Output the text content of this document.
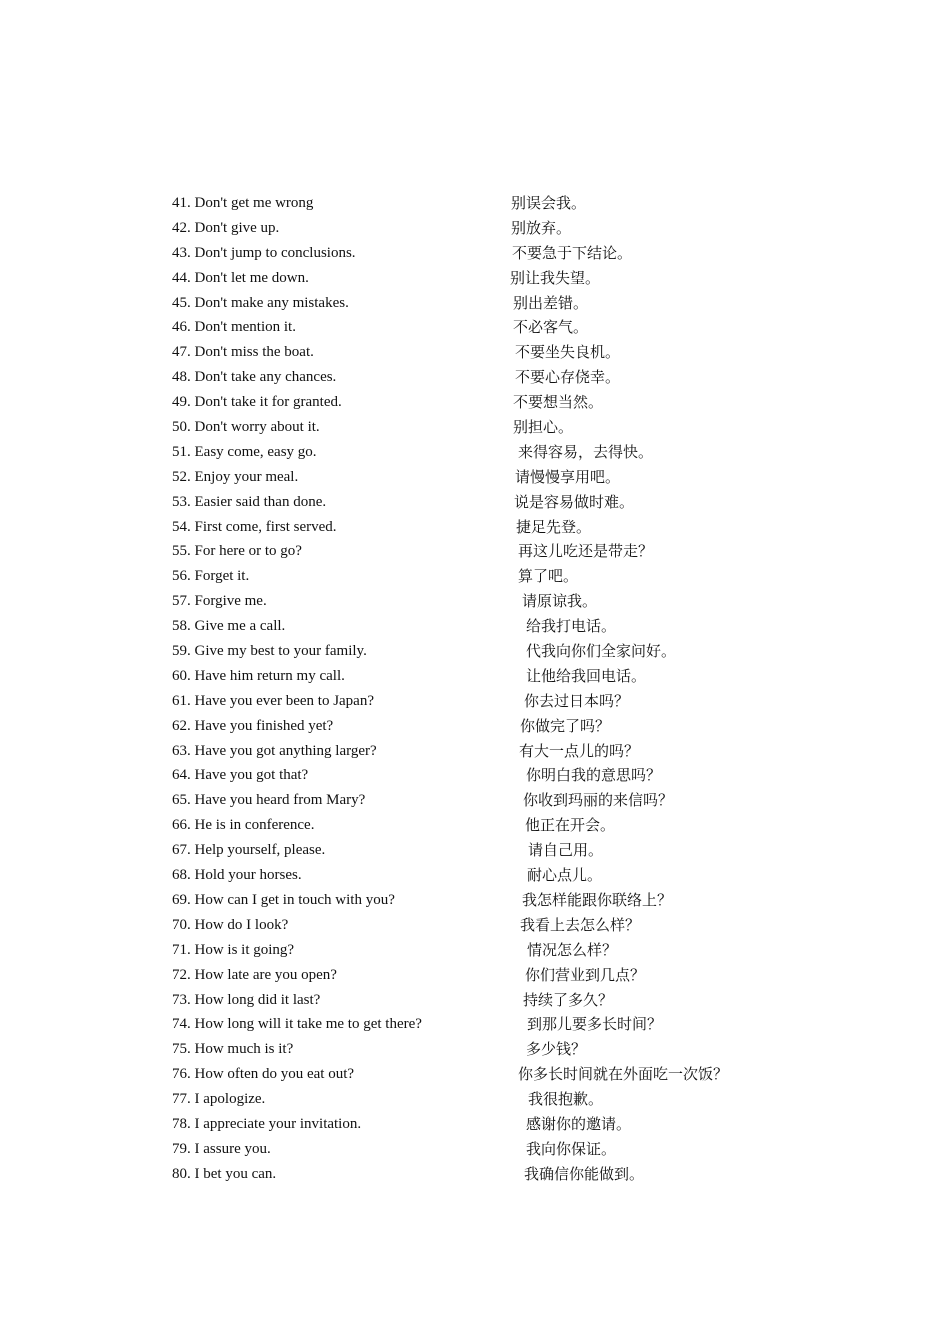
41. Don't get me wrong	别误会我。
42. Don't give up.	别放弃。
43. Don't jump to conclusions.	不要急于下结论。
44. Don't let me down.	别让我失望。
45. Don't make any mistakes.	别出差错。
46. Don't mention it.	不必客气。
47. Don't miss the boat.	不要坐失良机。
48. Don't take any chances.	不要心存侥幸。
49. Don't take it for granted.	不要想当然。
50. Don't worry about it.	别担心。
51. Easy come, easy go.	来得容易，去得快。
52. Enjoy your meal.	请慢慢享用吧。
53. Easier said than done.	说是容易做时难。
54. First come, first served.	捷足先登。
55. For here or to go?	再这儿吃还是带走？
56. Forget it.	算了吧。
57. Forgive me.	请原谅我。
58. Give me a call.	给我打电话。
59. Give my best to your family.	代我向你们全家问好。
60. Have him return my call.	让他给我回电话。
61. Have you ever been to Japan?	你去过日本吗？
62. Have you finished yet?	你做完了吗？
63. Have you got anything larger?	有大一点儿的吗？
64. Have you got that?	你明白我的意思吗？
65. Have you heard from Mary?	你收到玛丽的来信吗？
66. He is in conference.	他正在开会。
67. Help yourself, please.	请自己用。
68. Hold your horses.	耐心点儿。
69. How can I get in touch with you?	我怎样能跟你联络上？
70. How do I look?	我看上去怎么样？
71. How is it going?	情况怎么样？
72. How late are you open?	你们营业到几点？
73. How long did it last?	持续了多久？
74. How long will it take me to get there?	到那儿要多长时间？
75. How much is it?	多少钱？
76. How often do you eat out?	你多长时间就在外面吃一次饭？
77. I apologize.	我很抱歉。
78. I appreciate your invitation.	感谢你的邀请。
79. I assure you.	我向你保证。
80. I bet you can.	我确信你能做到。
